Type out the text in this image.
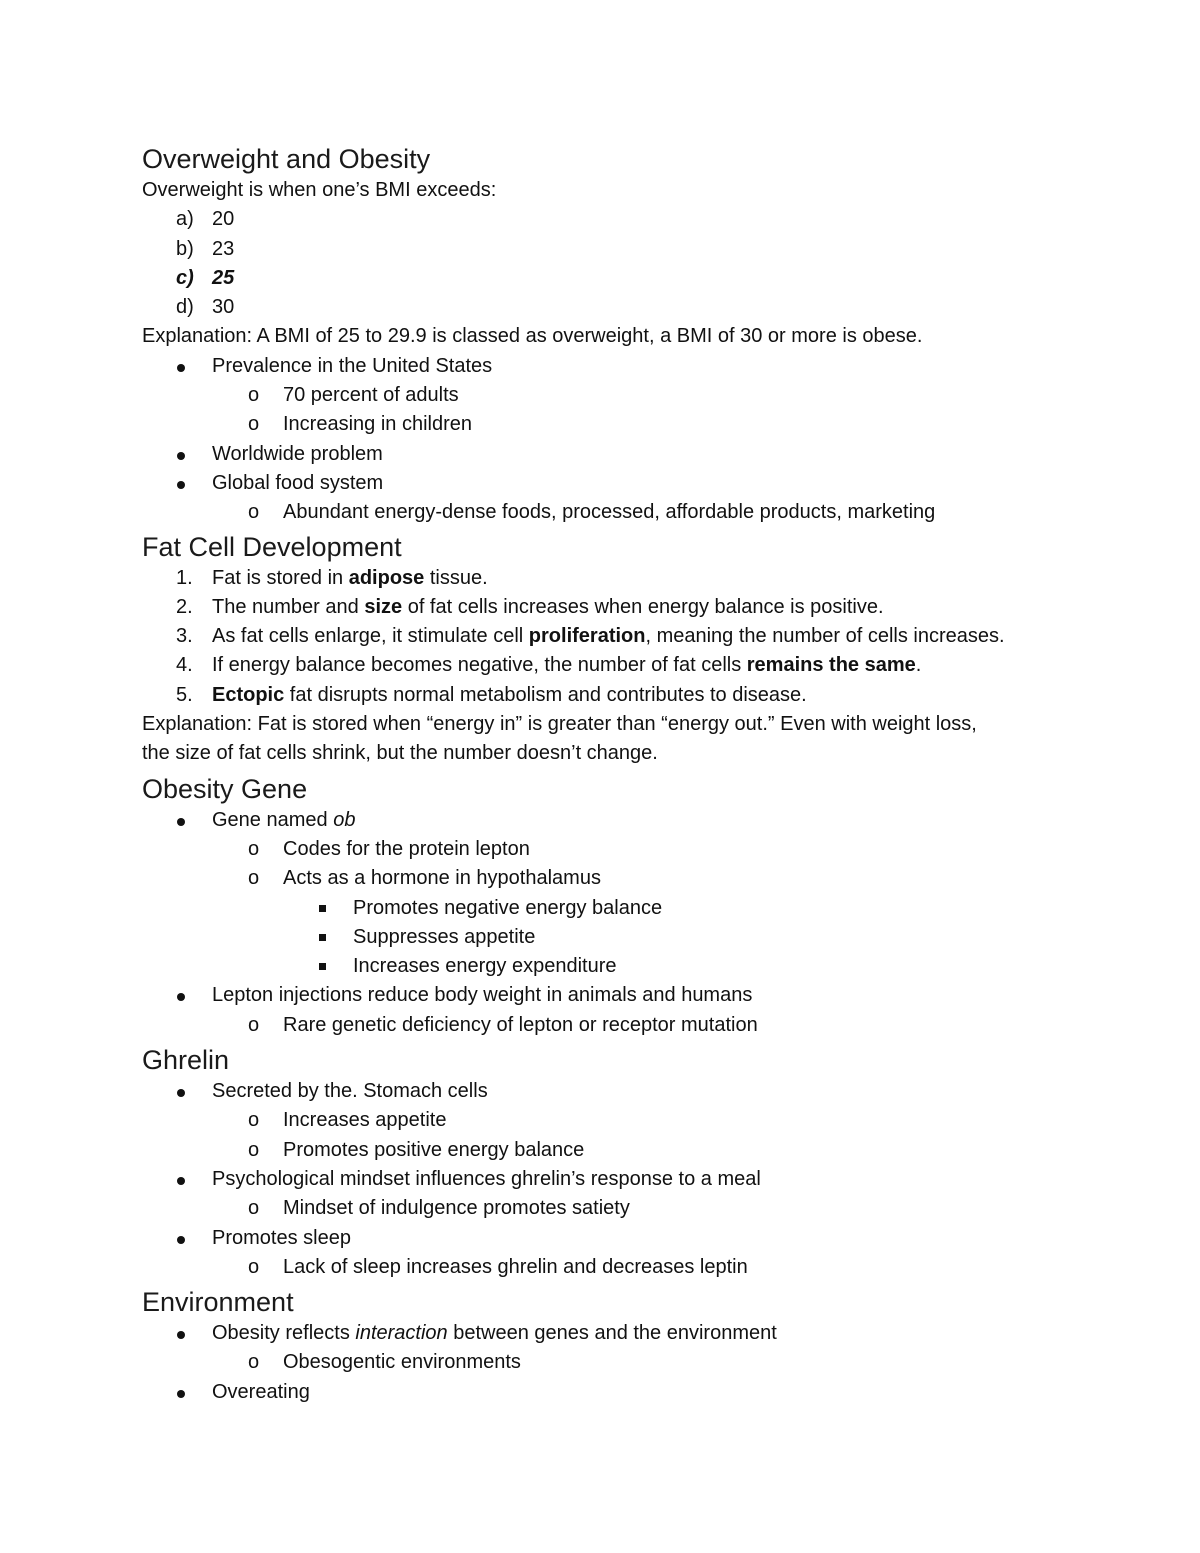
Overweight and Obesity
Overweight is when one’s BMI exceeds:
a) 20
b) 23
c) 25
d) 30
Explanation: A BMI of 25 to 29.9 is classed as overweight, a BMI of 30 or more is obese.
Prevalence in the United States
o 70 percent of adults
o Increasing in children
Worldwide problem
Global food system
o Abundant energy-dense foods, processed, affordable products, marketing
Fat Cell Development
1. Fat is stored in adipose tissue.
2. The number and size of fat cells increases when energy balance is positive.
3. As fat cells enlarge, it stimulate cell proliferation, meaning the number of cells increases.
4. If energy balance becomes negative, the number of fat cells remains the same.
5. Ectopic fat disrupts normal metabolism and contributes to disease.
Explanation: Fat is stored when “energy in” is greater than “energy out.” Even with weight loss,
the size of fat cells shrink, but the number doesn’t change.
Obesity Gene
Gene named ob
o Codes for the protein lepton
o Acts as a hormone in hypothalamus
Promotes negative energy balance
Suppresses appetite
Increases energy expenditure
Lepton injections reduce body weight in animals and humans
o Rare genetic deficiency of lepton or receptor mutation
Ghrelin
Secreted by the. Stomach cells
o Increases appetite
o Promotes positive energy balance
Psychological mindset influences ghrelin’s response to a meal
o Mindset of indulgence promotes satiety
Promotes sleep
o Lack of sleep increases ghrelin and decreases leptin
Environment
Obesity reflects interaction between genes and the environment
o Obesogentic environments
Overeating
